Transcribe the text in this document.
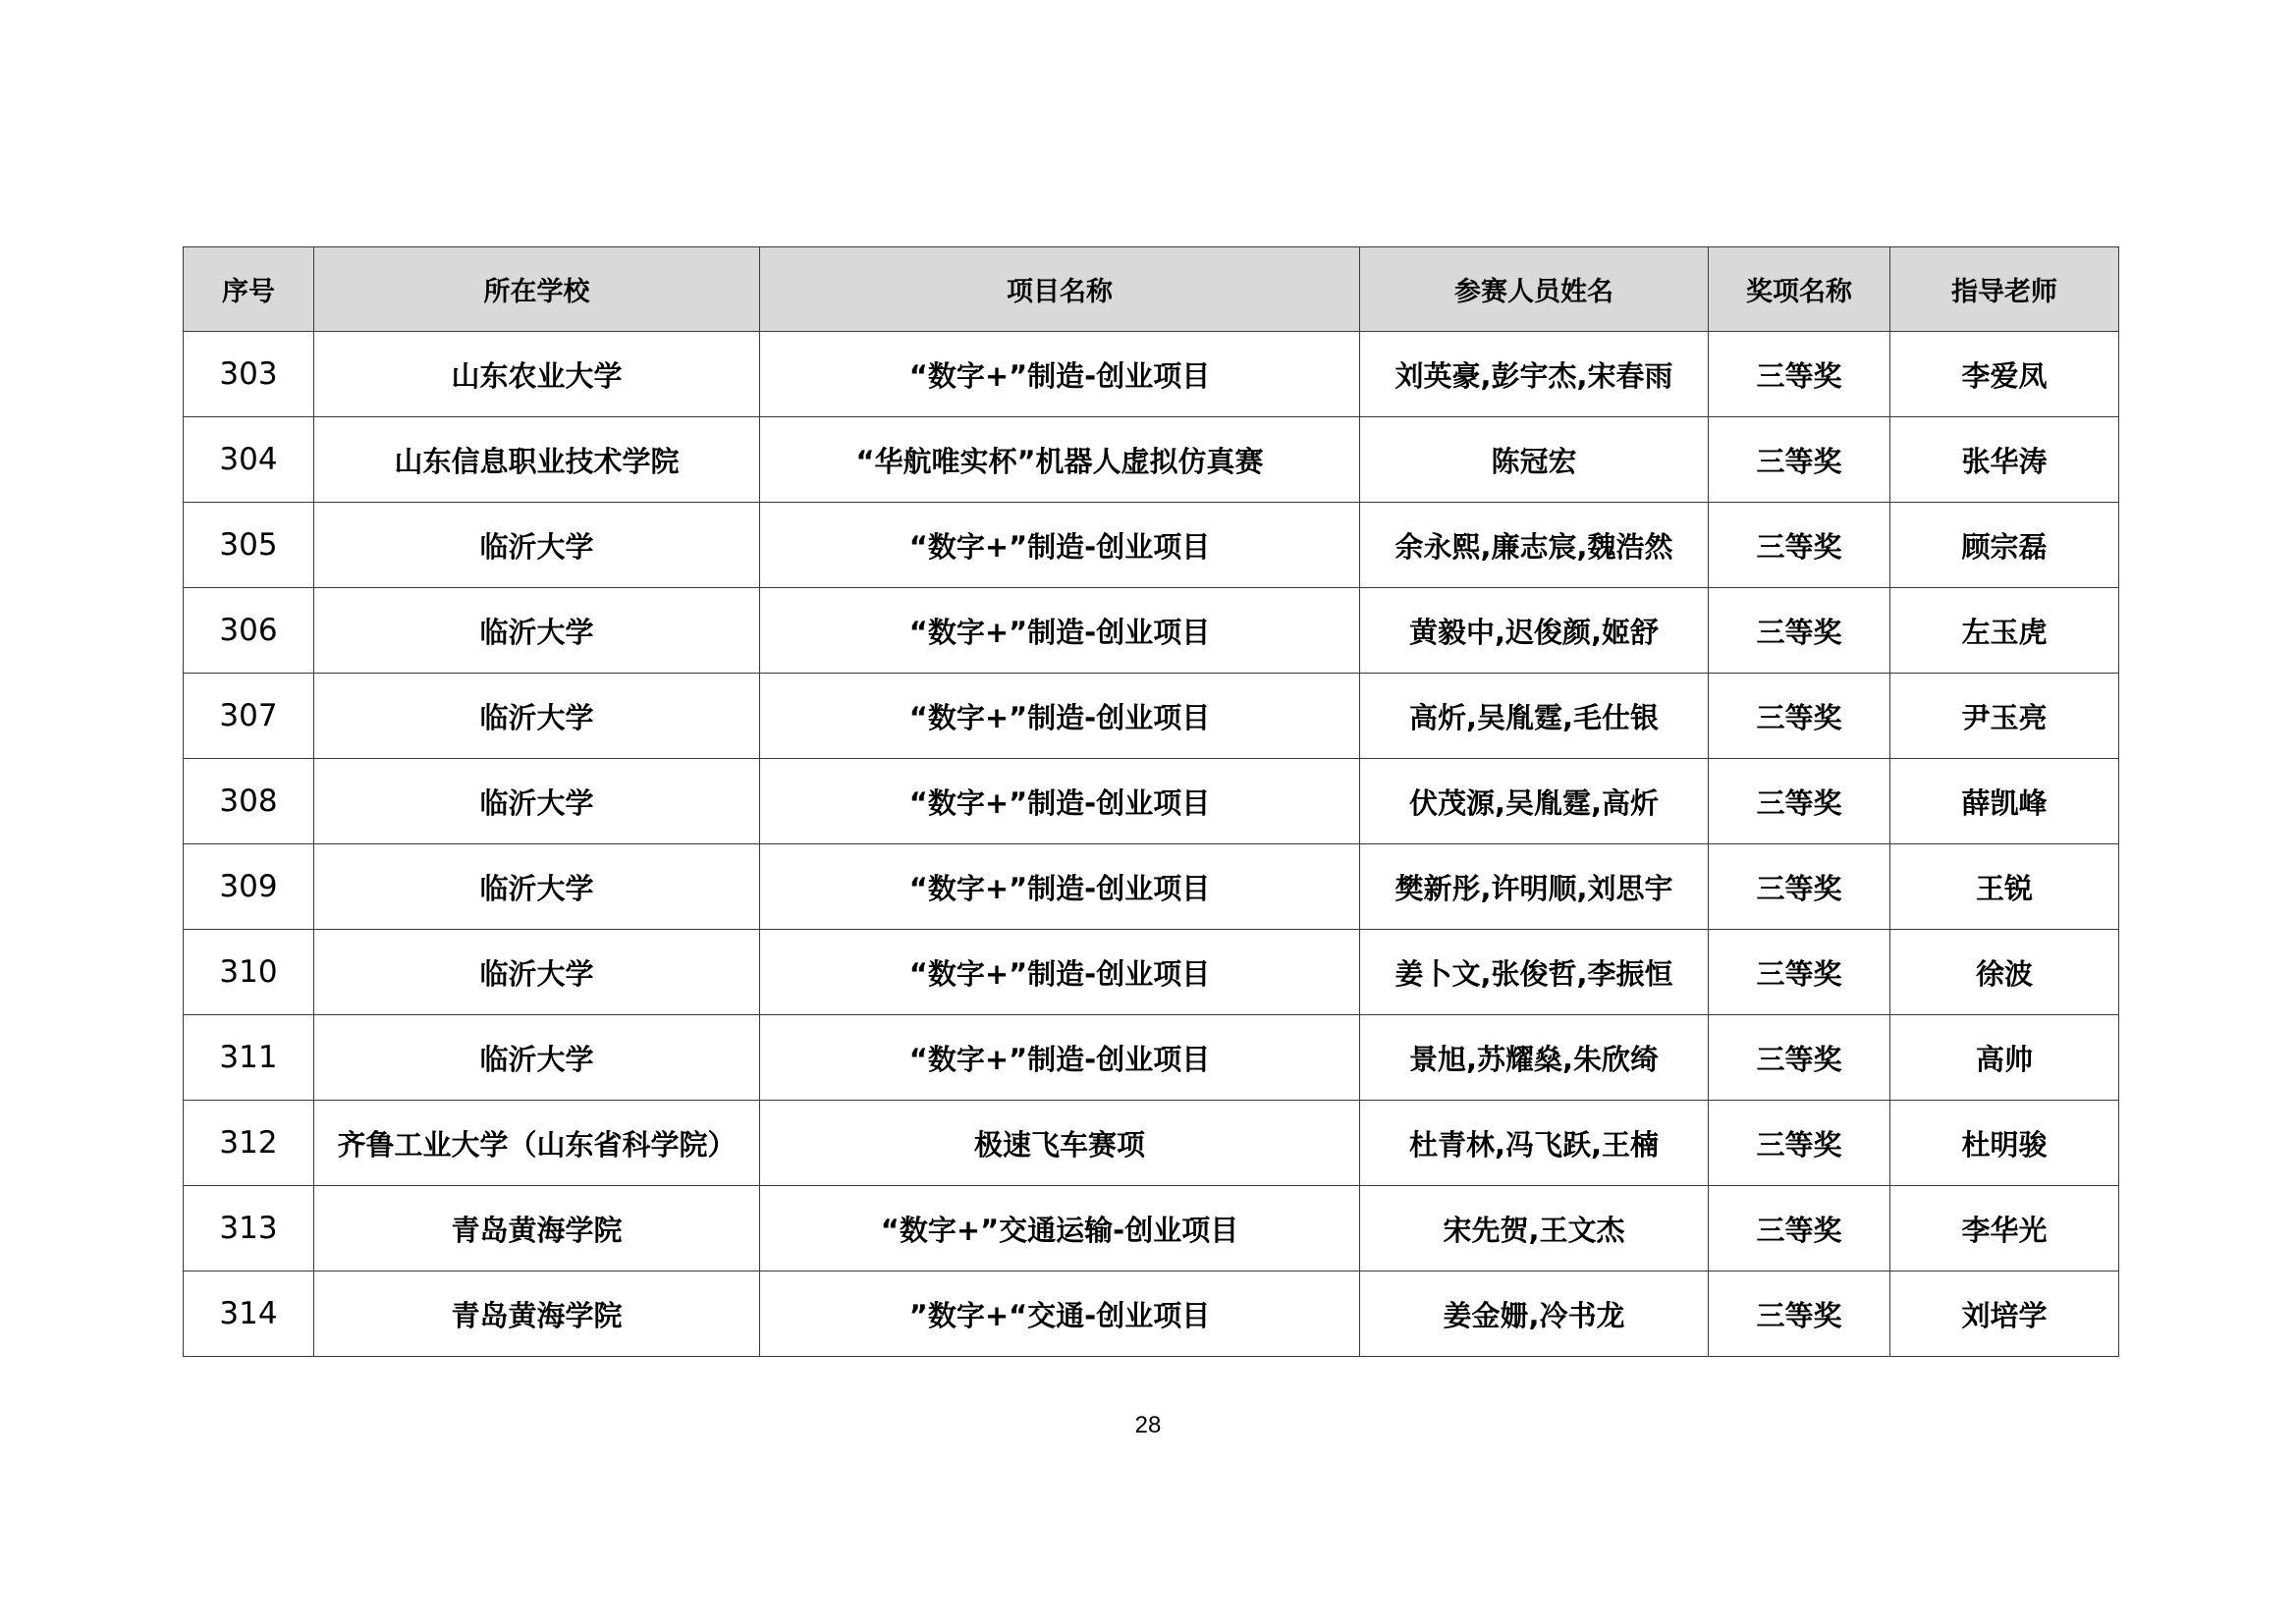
序号	所在学校	项目名称	参赛人员姓名	奖项名称	指导老师
303	山东农业大学	“数字+”制造-创业项目	刘英豪,彭宇杰,宋春雨	三等奖	李爱凤
304	山东信息职业技术学院	“华航唯实杯”机器人虚拟仿真赛	陈冠宏	三等奖	张华涛
305	临沂大学	“数字+”制造-创业项目	余永熙,廉志宸,魏浩然	三等奖	顾宗磊
306	临沂大学	“数字+”制造-创业项目	黄毅中,迟俊颜,姬舒	三等奖	左玉虎
307	临沂大学	“数字+”制造-创业项目	高炘,吴胤霆,毛仕银	三等奖	尹玉亮
308	临沂大学	“数字+”制造-创业项目	伏茂源,吴胤霆,高炘	三等奖	薛凯峰
309	临沂大学	“数字+”制造-创业项目	樊新彤,许明顺,刘思宇	三等奖	王锐
310	临沂大学	“数字+”制造-创业项目	姜卜文,张俊哲,李振恒	三等奖	徐波
311	临沂大学	“数字+”制造-创业项目	景旭,苏耀燊,朱欣绮	三等奖	高帅
312	齐鲁工业大学（山东省科学院）	极速飞车赛项	杜青林,冯飞跃,王楠	三等奖	杜明骏
313	青岛黄海学院	“数字+”交通运输-创业项目	宋先贺,王文杰	三等奖	李华光
314	青岛黄海学院	”数字+“交通-创业项目	姜金姗,冷书龙	三等奖	刘培学
28
